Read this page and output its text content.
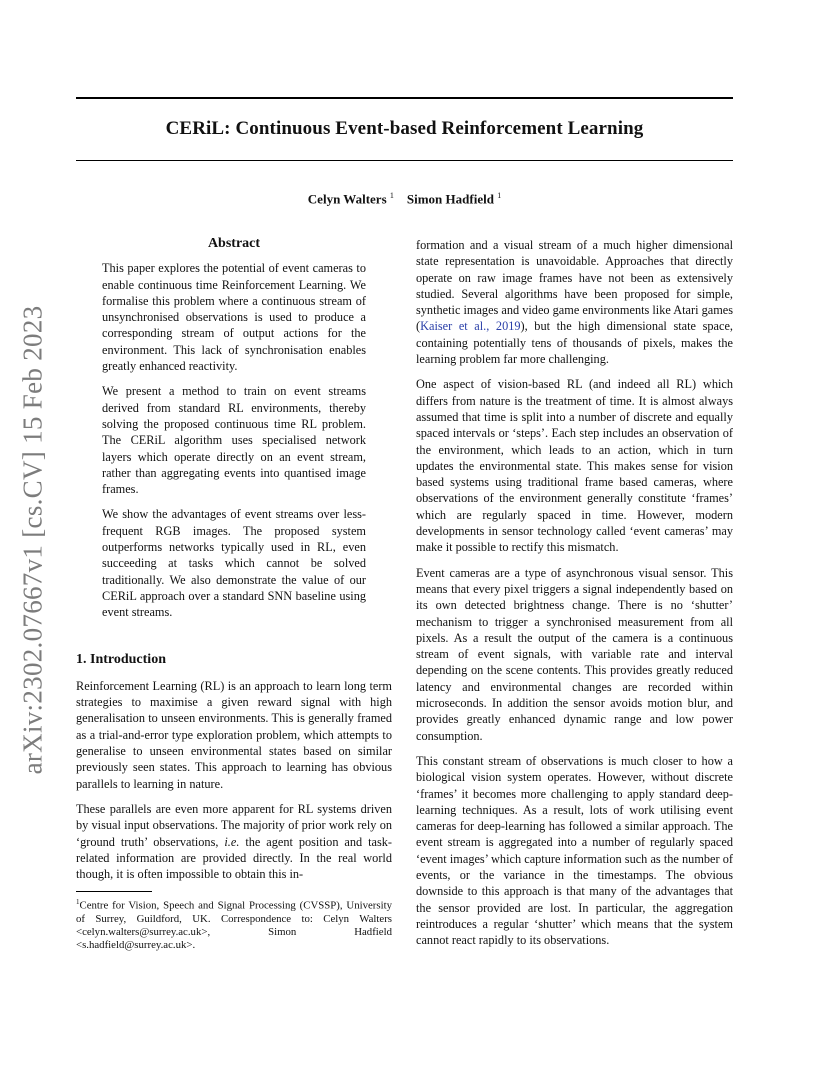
arXiv:2302.07667v1 [cs.CV] 15 Feb 2023
CERiL: Continuous Event-based Reinforcement Learning
Celyn Walters $^1$ Simon Hadfield $^1$
Abstract

This paper explores the potential of event cameras to enable continuous time Reinforcement Learning. We formalise this problem where a continuous stream of unsynchronised observations is used to produce a corresponding stream of output actions for the environment. This lack of synchronisation enables greatly enhanced reactivity.

We present a method to train on event streams derived from standard RL environments, thereby solving the proposed continuous time RL problem. The CERiL algorithm uses specialised network layers which operate directly on an event stream, rather than aggregating events into quantised image frames.

We show the advantages of event streams over less-frequent RGB images. The proposed system outperforms networks typically used in RL, even succeeding at tasks which cannot be solved traditionally. We also demonstrate the value of our CERiL approach over a standard SNN baseline using event streams.

1. Introduction

Reinforcement Learning (RL) is an approach to learn long term strategies to maximise a given reward signal with high generalisation to unseen environments. This is generally framed as a trial-and-error type exploration problem, which attempts to generalise to unseen environmental states based on similar previously seen states. This approach to learning has obvious parallels to learning in nature.

These parallels are even more apparent for RL systems driven by visual input observations. The majority of prior work rely on ‘ground truth’ observations, i.e. the agent position and task-related information are provided directly. In the real world though, it is often impossible to obtain this in-

$^1$Centre for Vision, Speech and Signal Processing (CVSSP), University of Surrey, Guildford, UK. Correspondence to: Celyn Walters <celyn.walters@surrey.ac.uk>, Simon Hadfield <s.hadfield@surrey.ac.uk>.

formation and a visual stream of a much higher dimensional state representation is unavoidable. Approaches that directly operate on raw image frames have not been as extensively studied. Several algorithms have been proposed for simple, synthetic images and video game environments like Atari games (Kaiser et al., 2019), but the high dimensional state space, containing potentially tens of thousands of pixels, makes the learning problem far more challenging.

One aspect of vision-based RL (and indeed all RL) which differs from nature is the treatment of time. It is almost always assumed that time is split into a number of discrete and equally spaced intervals or ‘steps’. Each step includes an observation of the environment, which leads to an action, which in turn updates the environmental state. This makes sense for vision based systems using traditional frame based cameras, where observations of the environment generally constitute ‘frames’ which are regularly spaced in time. However, modern developments in sensor technology called ‘event cameras’ may make it possible to rectify this mismatch.

Event cameras are a type of asynchronous visual sensor. This means that every pixel triggers a signal independently based on its own detected brightness change. There is no ‘shutter’ mechanism to trigger a synchronised measurement from all pixels. As a result the output of the camera is a continuous stream of event signals, with variable rate and interval depending on the scene contents. This provides greatly reduced latency and environmental changes are recorded within microseconds. In addition the sensor avoids motion blur, and provides greatly enhanced dynamic range and low power consumption.

This constant stream of observations is much closer to how a biological vision system operates. However, without discrete ‘frames’ it becomes more challenging to apply standard deep-learning techniques. As a result, lots of work utilising event cameras for deep-learning has followed a similar approach. The event stream is aggregated into a number of regularly spaced ‘event images’ which capture information such as the number of events, or the variance in the timestamps. The obvious downside to this approach is that many of the advantages that the sensor provided are lost. In particular, the aggregation reintroduces a regular ‘shutter’ which means that the system cannot react rapidly to its observations.
